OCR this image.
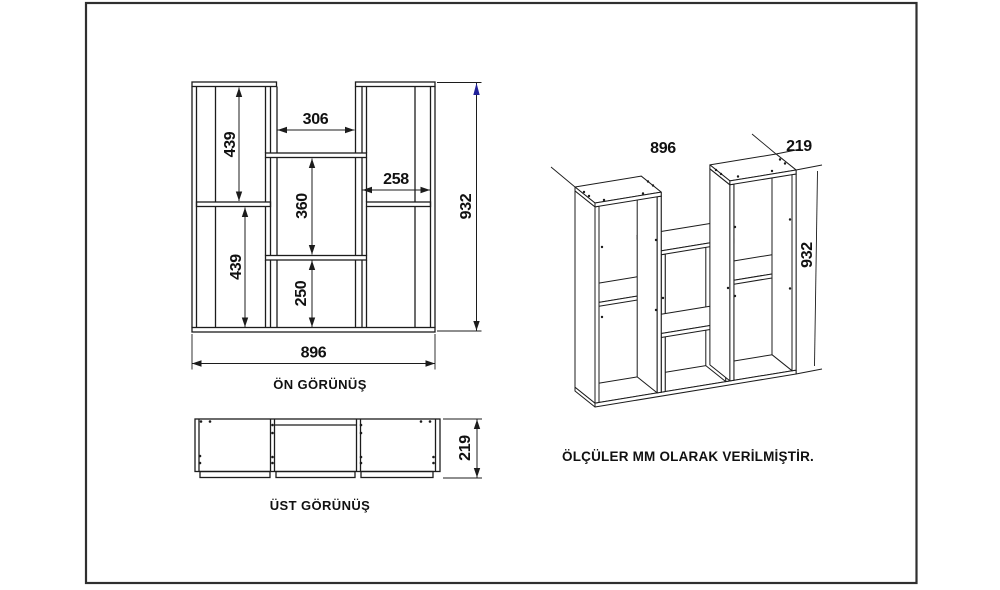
439
439
306
258
360
250
896
932
ÖN GÖRÜNÜŞ
219
ÜST GÖRÜNÜŞ
896	219
932
ÖLÇÜLER MM OLARAK VERİLMİŞTİR.
